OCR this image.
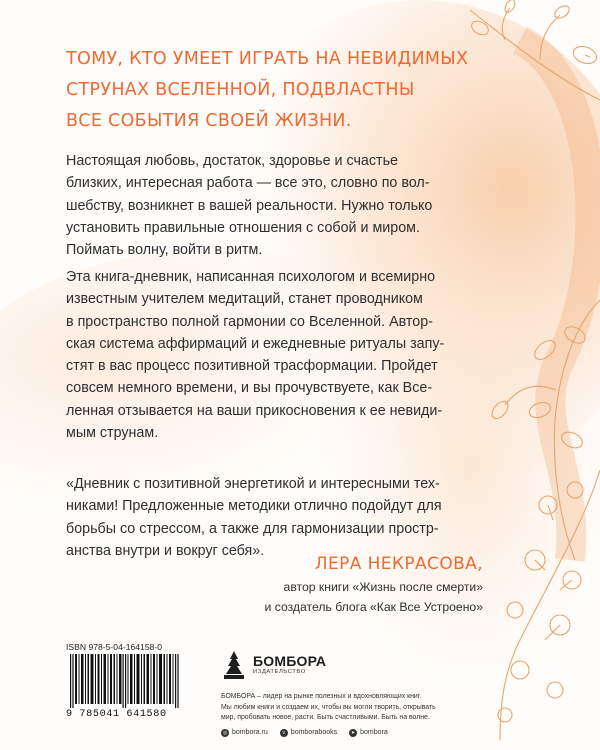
ТОМУ, КТО УМЕЕТ ИГРАТЬ НА НЕВИДИМЫХ
СТРУНАХ ВСЕЛЕННОЙ, ПОДВЛАСТНЫ
ВСЕ СОБЫТИЯ СВОЕЙ ЖИЗНИ.
Настоящая любовь, достаток, здоровье и счастье
близких, интересная работа — все это, словно по вол-
шебству, возникнет в вашей реальности. Нужно только
установить правильные отношения с собой и миром.
Поймать волну, войти в ритм.
Эта книга-дневник, написанная психологом и всемирно
известным учителем медитаций, станет проводником
в пространство полной гармонии со Вселенной. Автор-
ская система аффирмаций и ежедневные ритуалы запу-
стят в вас процесс позитивной трасформации. Пройдет
совсем немного времени, и вы прочувствуете, как Все-
ленная отзывается на ваши прикосновения к ее невиди-
мым струнам.
«Дневник с позитивной энергетикой и интересными тех-
никами! Предложенные методики отлично подойдут для
борьбы со стрессом, а также для гармонизации простр-
анства внутри и вокруг себя».
ЛЕРА НЕКРАСОВА,
автор книги «Жизнь после смерти»
и создатель блога «Как Все Устроено»
ISBN 978-5-04-164158-0
9 785041 641580
БОМБОРА
ИЗДАТЕЛЬСТВО
БОМБОРА – лидер на рынке полезных и вдохновляющих книг.
Мы любим книги и создаем их, чтобы вы могли творить, открывать
мир, пробовать новое, расти. Быть счастливыми. Быть на волне.
◎ bombora.ru	v bomborabooks	➤ bombora
